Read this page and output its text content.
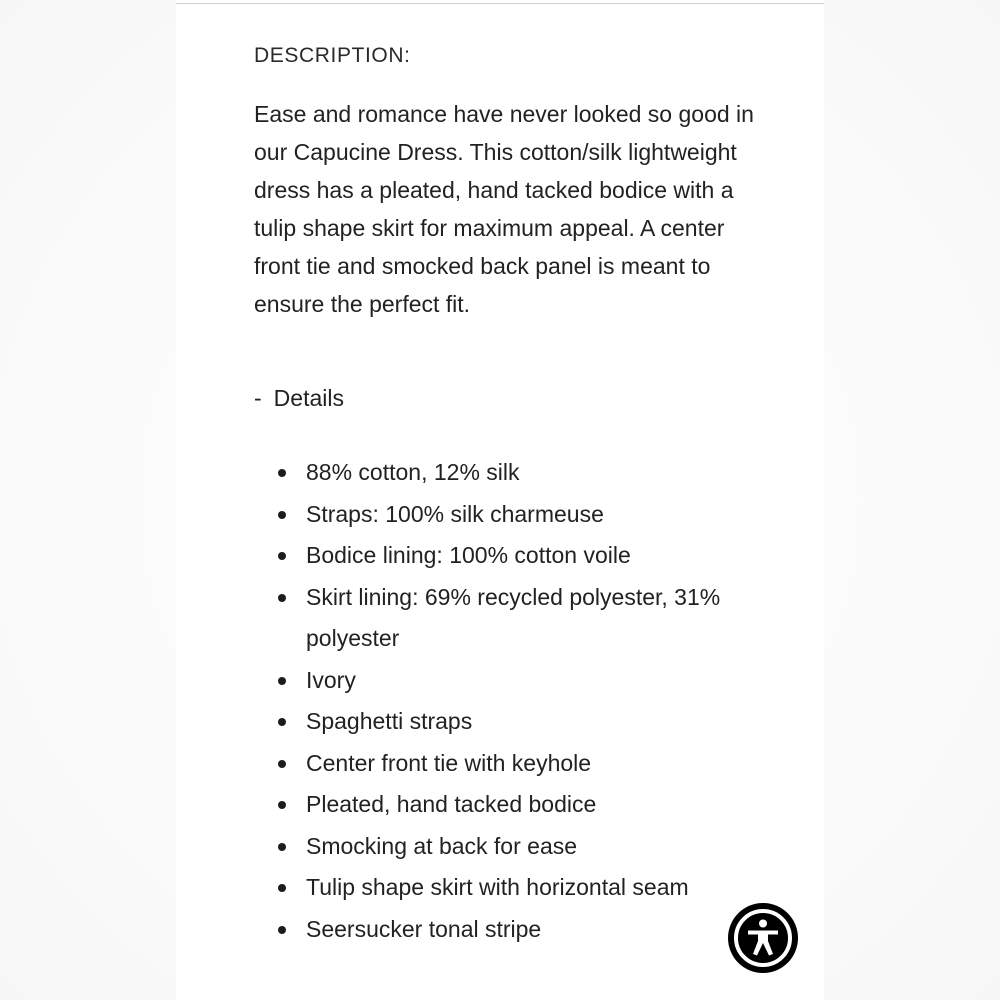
DESCRIPTION:

Ease and romance have never looked so good in our Capucine Dress. This cotton/silk lightweight dress has a pleated, hand tacked bodice with a tulip shape skirt for maximum appeal. A center front tie and smocked back panel is meant to ensure the perfect fit.

- Details
88% cotton, 12% silk
Straps: 100% silk charmeuse
Bodice lining: 100% cotton voile
Skirt lining: 69% recycled polyester, 31% polyester
Ivory
Spaghetti straps
Center front tie with keyhole
Pleated, hand tacked bodice
Smocking at back for ease
Tulip shape skirt with horizontal seam
Seersucker tonal stripe
